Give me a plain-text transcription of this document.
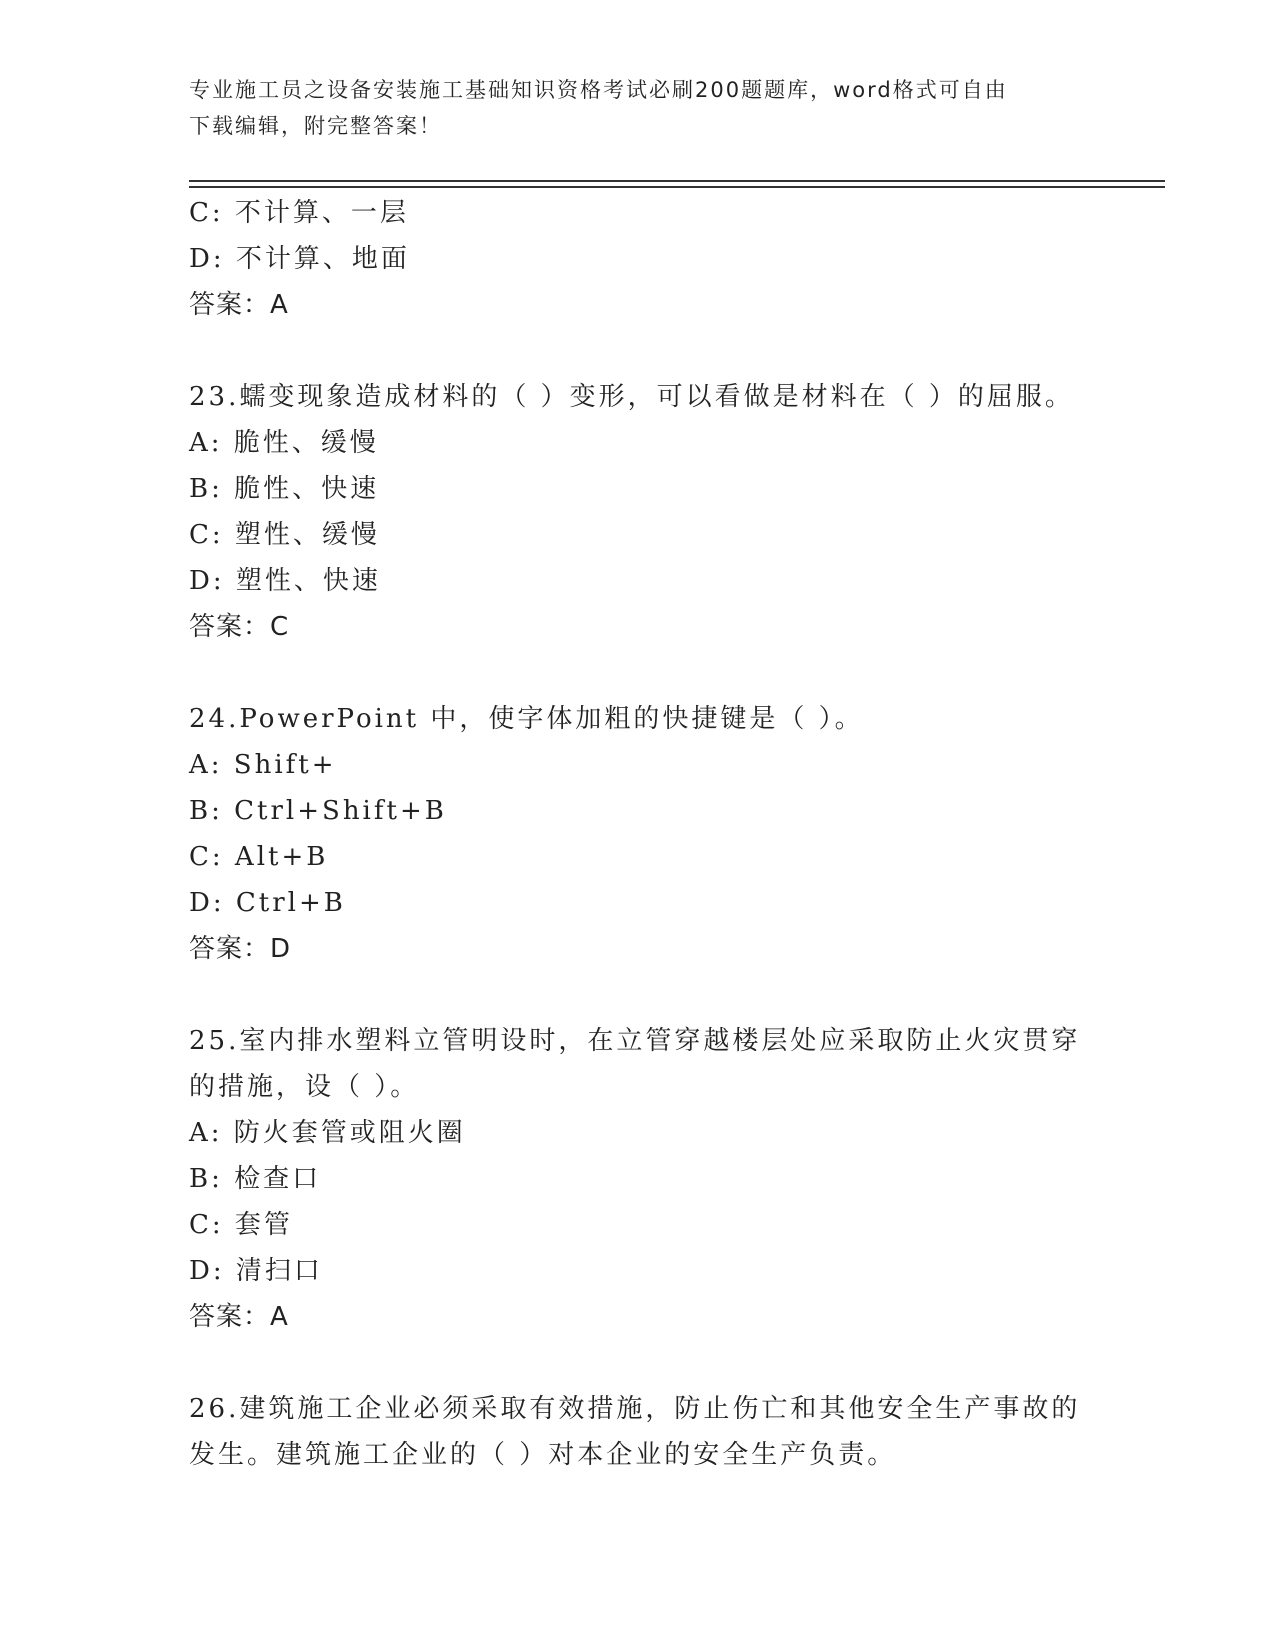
专业施工员之设备安装施工基础知识资格考试必刷200题题库，word格式可自由
下载编辑，附完整答案！
C: 不计算、一层
D: 不计算、地面
答案：A
23.蠕变现象造成材料的（ ）变形，可以看做是材料在（ ）的屈服。
A: 脆性、缓慢
B: 脆性、快速
C: 塑性、缓慢
D: 塑性、快速
答案：C
24.PowerPoint 中，使字体加粗的快捷键是（ ）。
A: Shift+
B: Ctrl+Shift+B
C: Alt+B
D: Ctrl+B
答案：D
25.室内排水塑料立管明设时，在立管穿越楼层处应采取防止火灾贯穿
的措施，设（ ）。
A: 防火套管或阻火圈
B: 检查口
C: 套管
D: 清扫口
答案：A
26.建筑施工企业必须采取有效措施，防止伤亡和其他安全生产事故的
发生。建筑施工企业的（ ）对本企业的安全生产负责。
